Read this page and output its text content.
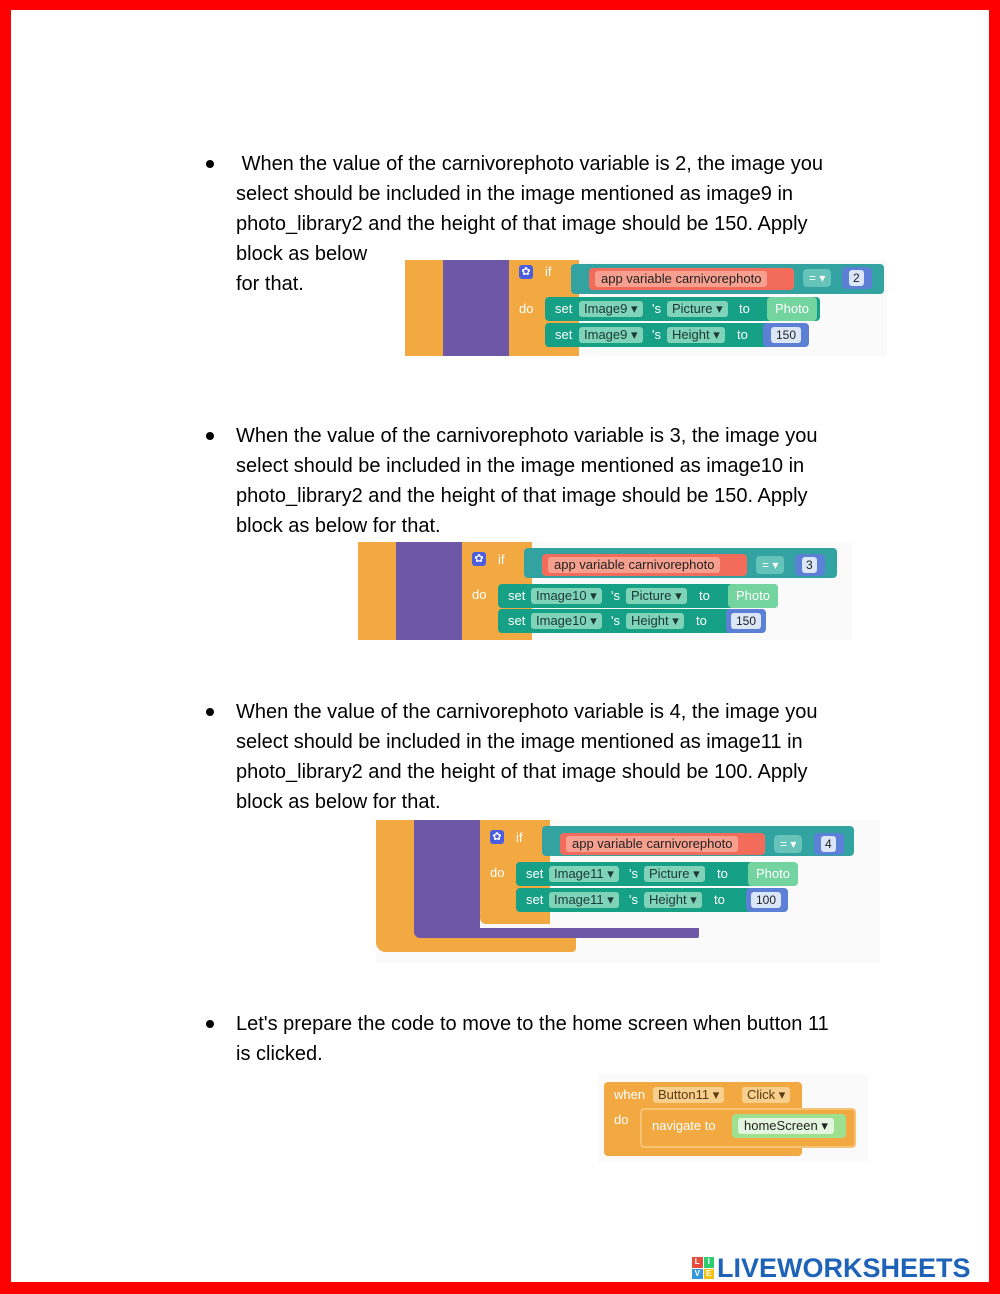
When the value of the carnivorephoto variable is 2, the image you
select should be included in the image mentioned as image9 in
photo_library2 and the height of that image should be 150. Apply
block as below
for that.
✿ if
do
app variable carnivorephoto	= ▾	2
set Image9 ▾	's Picture ▾	to	Photo
set Image9 ▾	's Height ▾	to	150
When the value of the carnivorephoto variable is 3, the image you
select should be included in the image mentioned as image10 in
photo_library2 and the height of that image should be 150. Apply
block as below for that.
✿ if
do
app variable carnivorephoto	= ▾	3
set Image10 ▾	's Picture ▾	to	Photo
set Image10 ▾	's Height ▾	to	150
When the value of the carnivorephoto variable is 4, the image you
select should be included in the image mentioned as image11 in
photo_library2 and the height of that image should be 100. Apply
block as below for that.
✿ if
do
app variable carnivorephoto	= ▾	4
set Image11 ▾	's Picture ▾	to	Photo
set Image11 ▾	's Height ▾	to	100
Let's prepare the code to move to the home screen when button 11
is clicked.
when Button11 ▾	Click ▾
do navigate to	homeScreen ▾
L I
V E LIVEWORKSHEETS
